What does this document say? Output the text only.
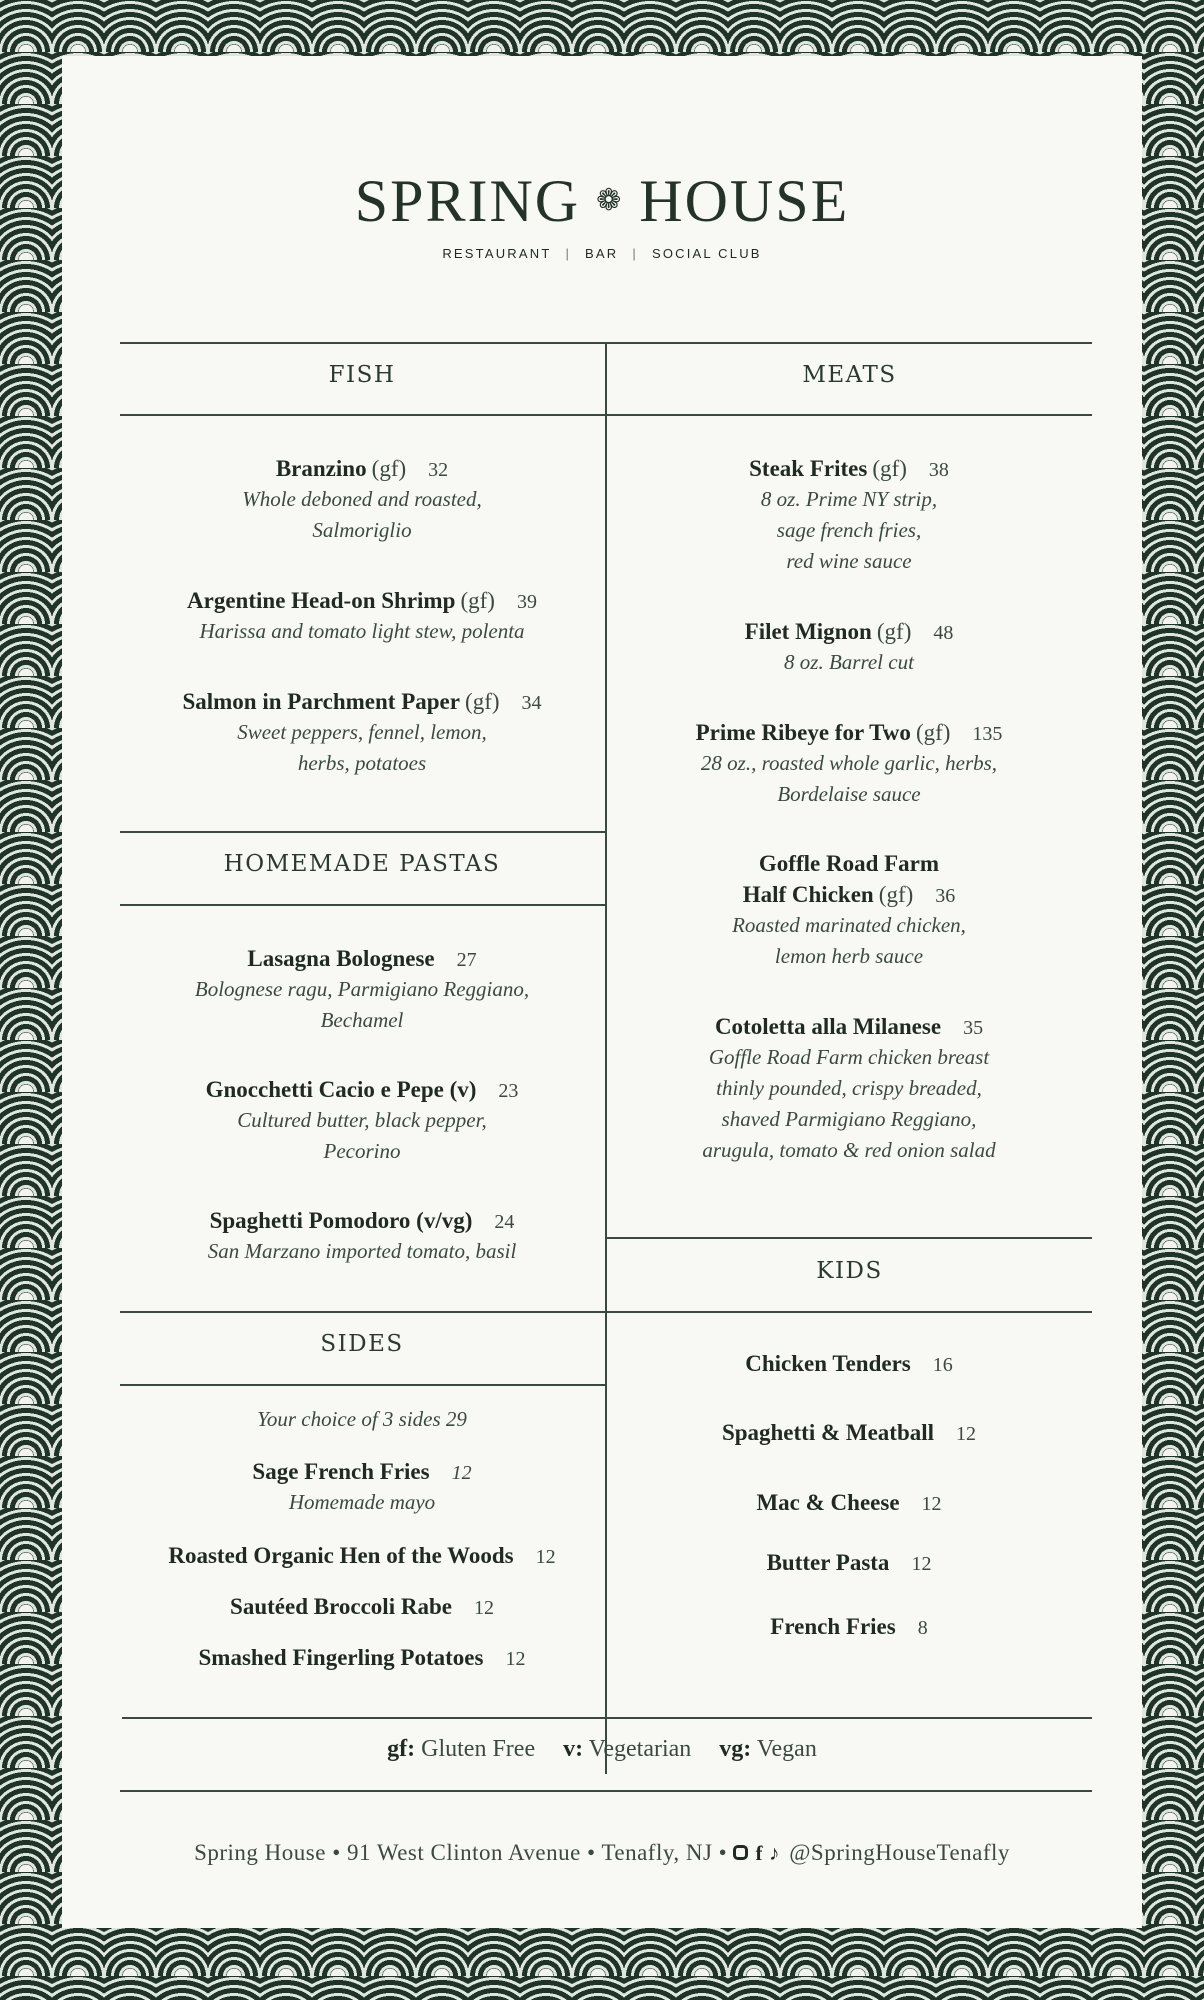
SPRING ❁ HOUSE
RESTAURANT | BAR | SOCIAL CLUB
FISH	MEATS
HOMEMADE PASTAS
KIDS
SIDES
Branzino (gf) 32
Whole deboned and roasted,
Salmoriglio
Argentine Head-on Shrimp (gf) 39
Harissa and tomato light stew, polenta
Salmon in Parchment Paper (gf) 34
Sweet peppers, fennel, lemon,
herbs, potatoes
Lasagna Bolognese 27
Bolognese ragu, Parmigiano Reggiano,
Bechamel
Gnocchetti Cacio e Pepe (v) 23
Cultured butter, black pepper,
Pecorino
Spaghetti Pomodoro (v/vg) 24
San Marzano imported tomato, basil
Your choice of 3 sides 29
Sage French Fries 12
Homemade mayo
Roasted Organic Hen of the Woods 12
Sautéed Broccoli Rabe 12
Smashed Fingerling Potatoes 12
Steak Frites (gf) 38
8 oz. Prime NY strip,
sage french fries,
red wine sauce
Filet Mignon (gf) 48
8 oz. Barrel cut
Prime Ribeye for Two (gf) 135
28 oz., roasted whole garlic, herbs,
Bordelaise sauce
Goffle Road Farm
Half Chicken (gf) 36
Roasted marinated chicken,
lemon herb sauce
Cotoletta alla Milanese 35
Goffle Road Farm chicken breast
thinly pounded, crispy breaded,
shaved Parmigiano Reggiano,
arugula, tomato & red onion salad
Chicken Tenders 16
Spaghetti & Meatball 12
Mac & Cheese 12
Butter Pasta 12
French Fries 8
gf: Gluten Free v: Vegetarian vg: Vegan
Spring House • 91 West Clinton Avenue • Tenafly, NJ • f ♪ @SpringHouseTenafly
